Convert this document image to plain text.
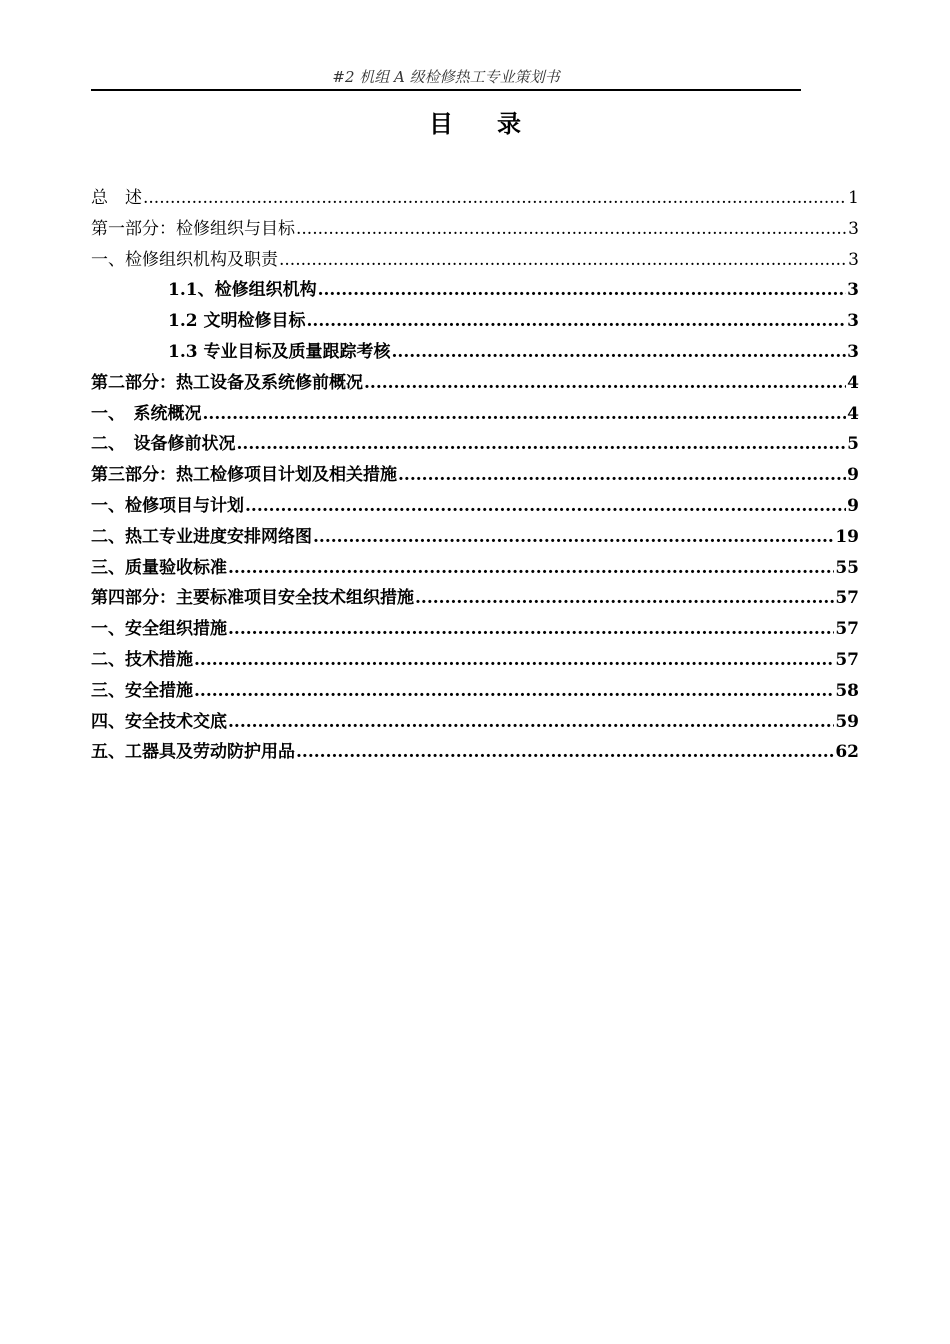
#2 机组 A 级检修热工专业策划书
目录
总　述 .....	1
第一部分：检修组织与目标 .....	3
一、检修组织机构及职责 .....	3
1.1、检修组织机构 .....	3
1.2 文明检修目标 .....	3
1.3 专业目标及质量跟踪考核 .....	3
第二部分：热工设备及系统修前概况 .....	4
一、　系统概况 .....	4
二、　设备修前状况 .....	5
第三部分：热工检修项目计划及相关措施 .....	9
一、检修项目与计划 .....	9
二、热工专业进度安排网络图 .....	19
三、质量验收标准 .....	55
第四部分：主要标准项目安全技术组织措施 .....	57
一、安全组织措施 .....	57
二、技术措施 .....	57
三、安全措施 .....	58
四、安全技术交底 .....	59
五、工器具及劳动防护用品 .....	62
